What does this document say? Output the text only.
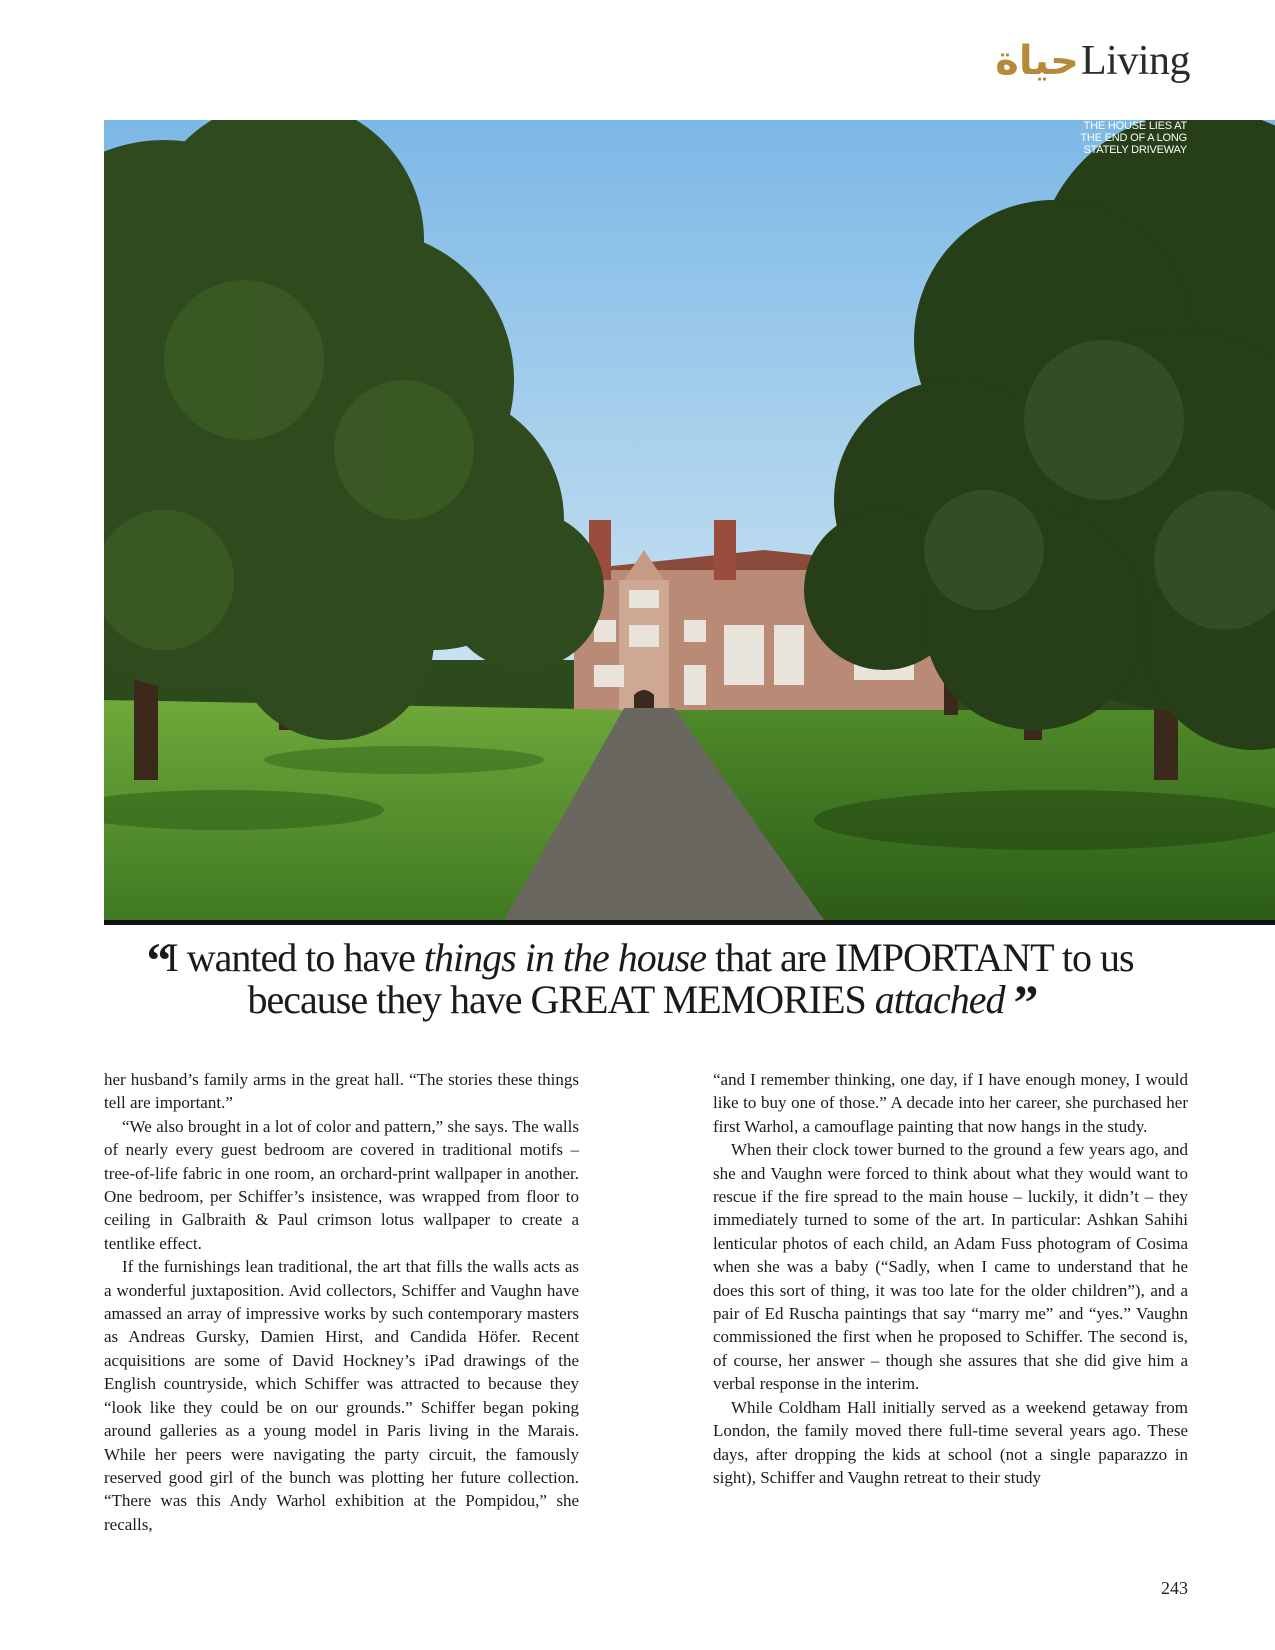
حياة Living
THE HOUSE LIES AT THE END OF A LONG STATELY DRIVEWAY
“I wanted to have things in the house that are IMPORTANT to us because they have GREAT MEMORIES attached ”

her husband’s family arms in the great hall. “The stories these things tell are important.”

“We also brought in a lot of color and pattern,” she says. The walls of nearly every guest bedroom are covered in traditional motifs – tree-of-life fabric in one room, an orchard-print wallpaper in another. One bedroom, per Schiffer’s insistence, was wrapped from floor to ceiling in Galbraith & Paul crimson lotus wallpaper to create a tentlike effect.

If the furnishings lean traditional, the art that fills the walls acts as a wonderful juxtaposition. Avid collectors, Schiffer and Vaughn have amassed an array of impressive works by such contemporary masters as Andreas Gursky, Damien Hirst, and Candida Höfer. Recent acquisitions are some of David Hockney’s iPad drawings of the English countryside, which Schiffer was attracted to because they “look like they could be on our grounds.” Schiffer began poking around galleries as a young model in Paris living in the Marais. While her peers were navigating the party circuit, the famously reserved good girl of the bunch was plotting her future collection. “There was this Andy Warhol exhibition at the Pompidou,” she recalls,

“and I remember thinking, one day, if I have enough money, I would like to buy one of those.” A decade into her career, she purchased her first Warhol, a camouflage painting that now hangs in the study.

When their clock tower burned to the ground a few years ago, and she and Vaughn were forced to think about what they would want to rescue if the fire spread to the main house – luckily, it didn’t – they immediately turned to some of the art. In particular: Ashkan Sahihi lenticular photos of each child, an Adam Fuss photogram of Cosima when she was a baby (“Sadly, when I came to understand that he does this sort of thing, it was too late for the older children”), and a pair of Ed Ruscha paintings that say “marry me” and “yes.” Vaughn commissioned the first when he proposed to Schiffer. The second is, of course, her answer – though she assures that she did give him a verbal response in the interim.

While Coldham Hall initially served as a weekend getaway from London, the family moved there full-time several years ago. These days, after dropping the kids at school (not a single paparazzo in sight), Schiffer and Vaughn retreat to their study

243
